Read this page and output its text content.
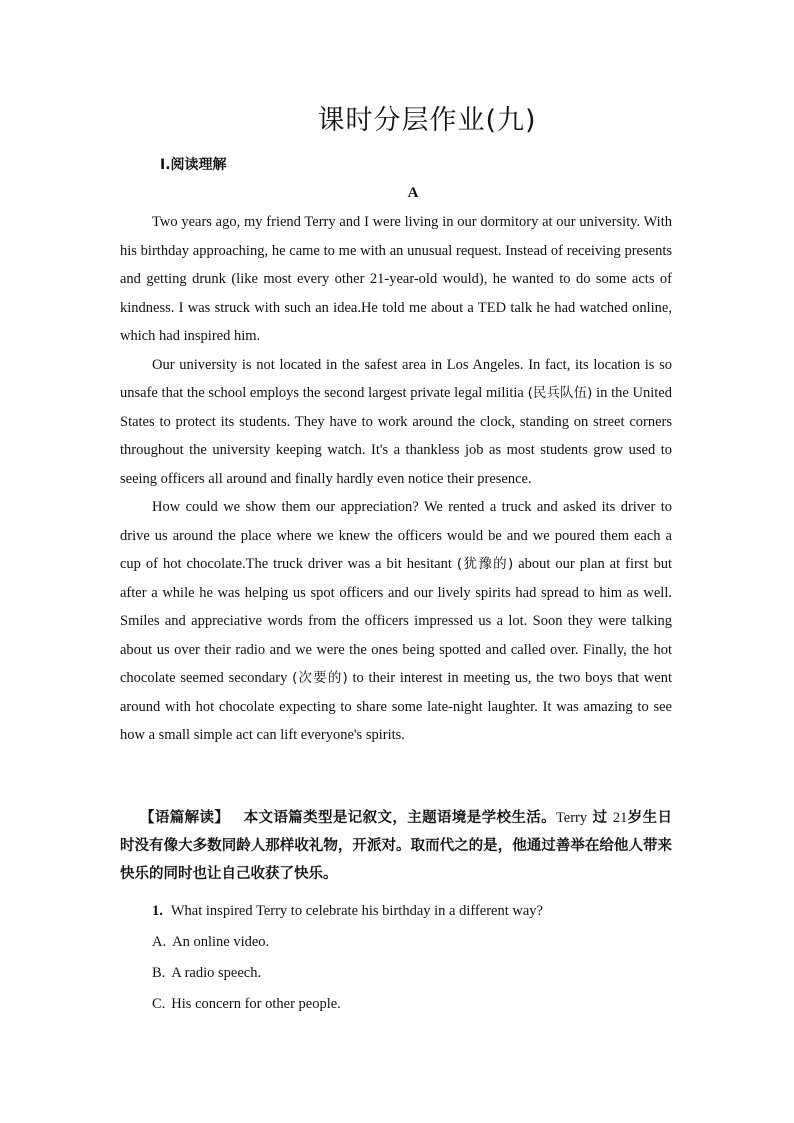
课时分层作业(九)
Ⅰ.阅读理解
A

Two years ago, my friend Terry and I were living in our dormitory at our university. With his birthday approaching, he came to me with an unusual request. Instead of receiving presents and getting drunk (like most every other 21-year-old would), he wanted to do some acts of kindness. I was struck with such an idea.He told me about a TED talk he had watched online, which had inspired him.

Our university is not located in the safest area in Los Angeles. In fact, its location is so unsafe that the school employs the second largest private legal militia (民兵队伍) in the United States to protect its students. They have to work around the clock, standing on street corners throughout the university keeping watch. It's a thankless job as most students grow used to seeing officers all around and finally hardly even notice their presence.

How could we show them our appreciation? We rented a truck and asked its driver to drive us around the place where we knew the officers would be and we poured them each a cup of hot chocolate.The truck driver was a bit hesitant (犹豫的) about our plan at first but after a while he was helping us spot officers and our lively spirits had spread to him as well. Smiles and appreciative words from the officers impressed us a lot. Soon they were talking about us over their radio and we were the ones being spotted and called over. Finally, the hot chocolate seemed secondary (次要的) to their interest in meeting us, the two boys that went around with hot chocolate expecting to share some late-night laughter. It was amazing to see how a small simple act can lift everyone's spirits.

【语篇解读】 本文语篇类型是记叙文，主题语境是学校生活。Terry 过 21岁生日时没有像大多数同龄人那样收礼物，开派对。取而代之的是，他通过善举在给他人带来快乐的同时也让自己收获了快乐。
1. What inspired Terry to celebrate his birthday in a different way?
A. An online video.
B. A radio speech.
C. His concern for other people.
